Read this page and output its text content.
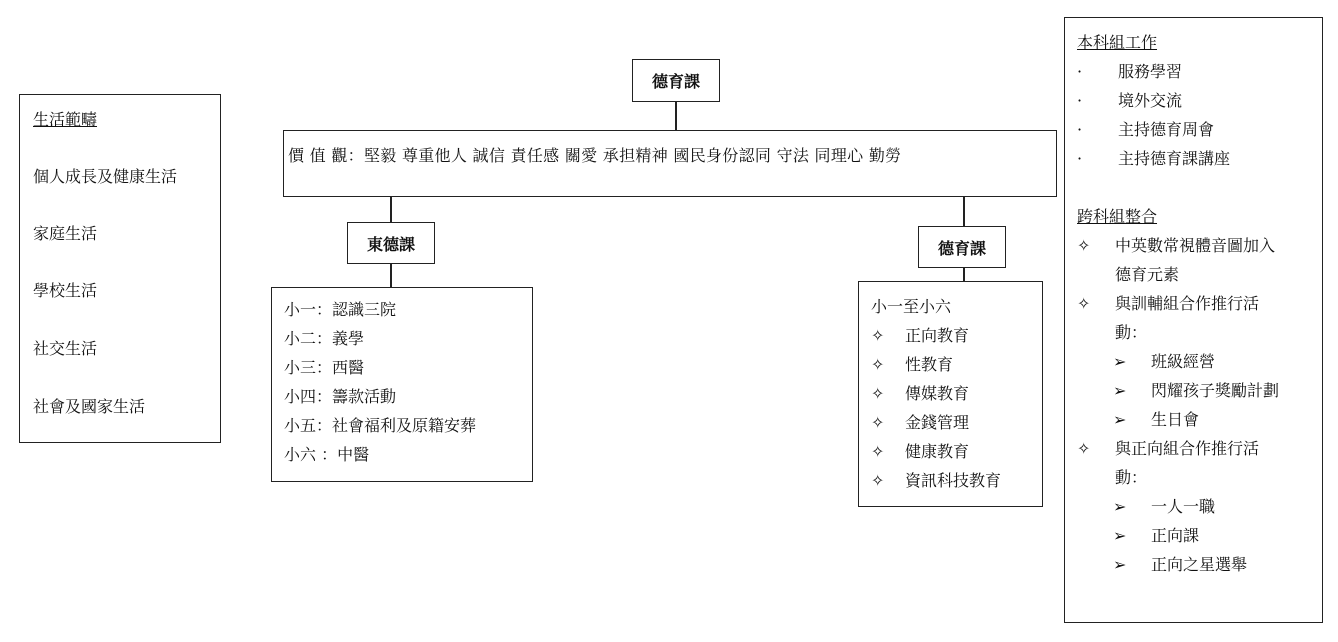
生活範疇
個人成長及健康生活
家庭生活
學校生活
社交生活
社會及國家生活
德育課
價 值 觀：堅毅 尊重他人 誠信 責任感 關愛 承担精神 國民身份認同 守法 同理心 勤勞
東德課
小一：認識三院
小二：義學
小三：西醫
小四：籌款活動
小五：社會福利及原籍安葬
小六 ：中醫
德育課
小一至小六
✧ 正向教育
✧ 性教育
✧ 傳媒教育
✧ 金錢管理
✧ 健康教育
✧ 資訊科技教育
本科組工作
· 服務學習
· 境外交流
· 主持德育周會
· 主持德育課講座
跨科組整合
✧ 中英數常視體音圖加入
德育元素
✧ 與訓輔組合作推行活
動：
➢ 班級經營
➢ 閃耀孩子獎勵計劃
➢ 生日會
✧ 與正向組合作推行活
動：
➢ 一人一職
➢ 正向課
➢ 正向之星選舉
